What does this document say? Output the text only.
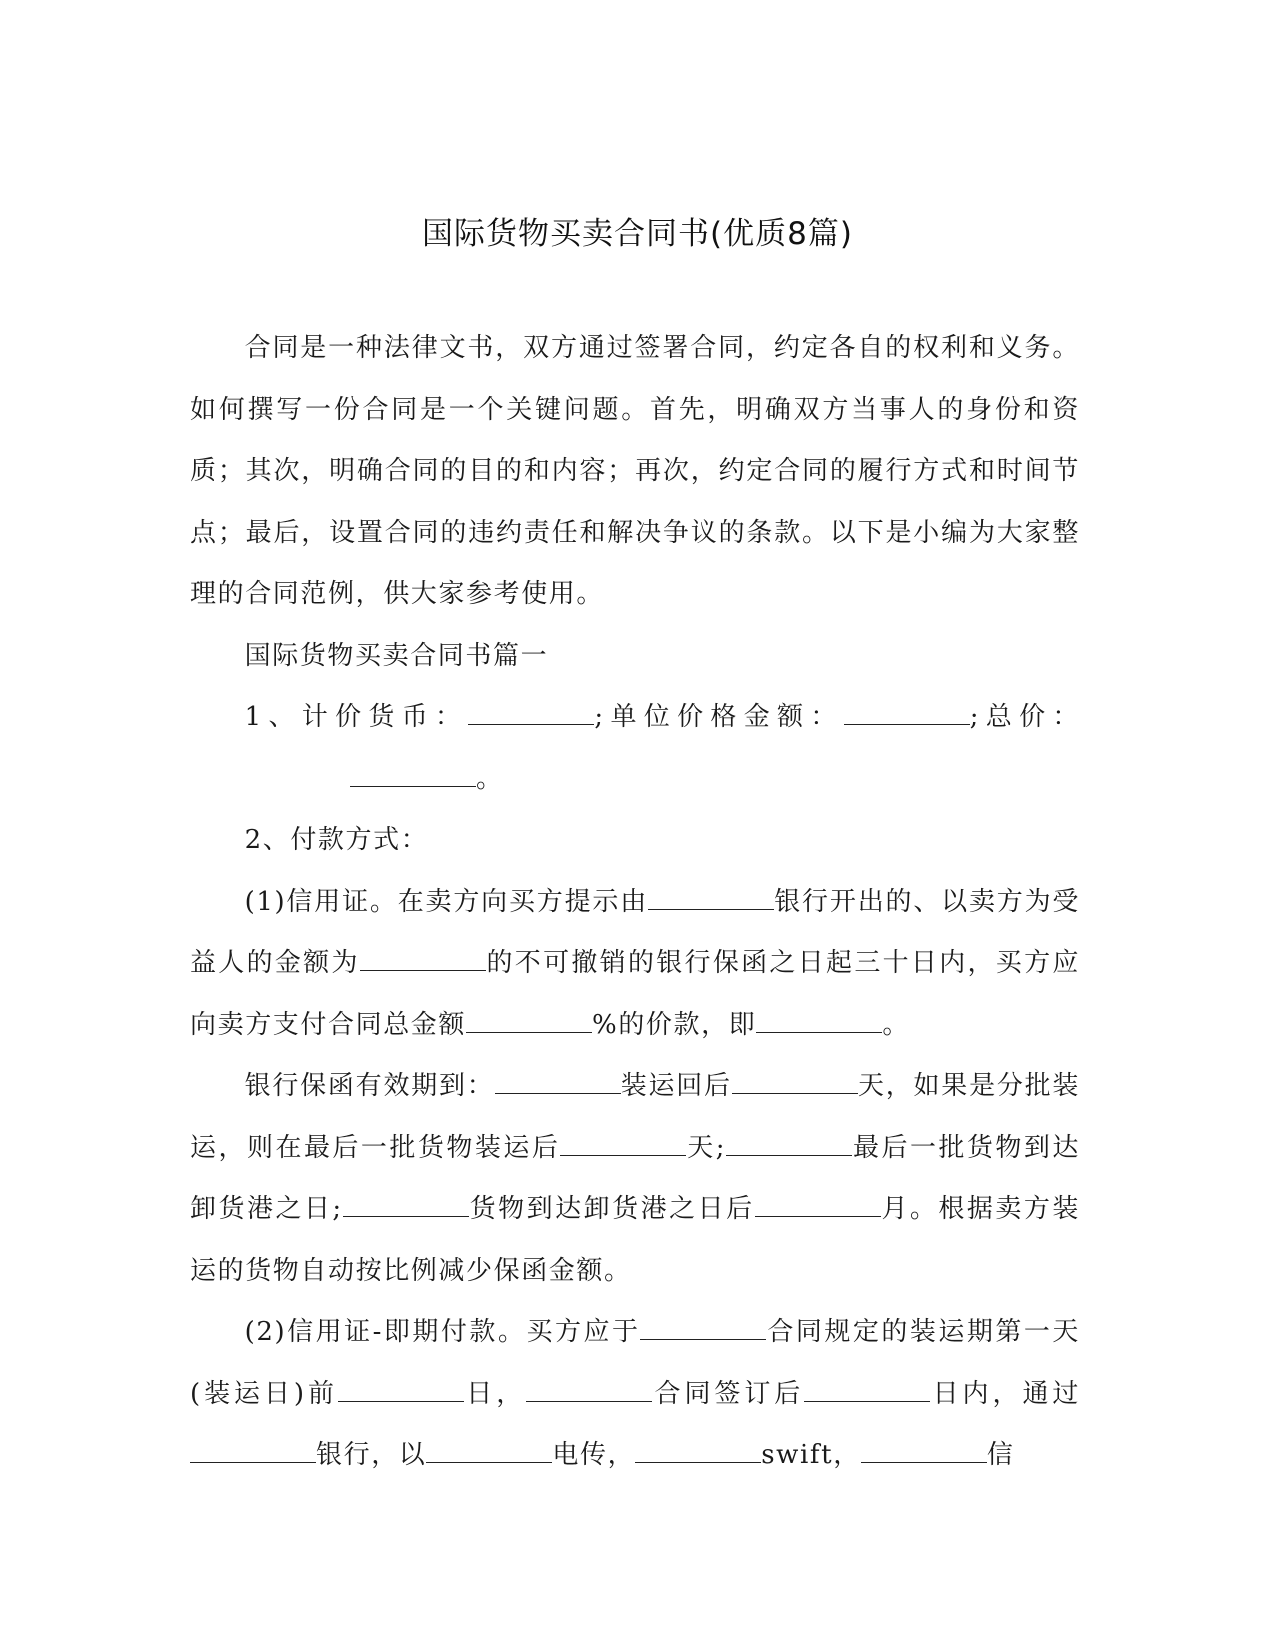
国际货物买卖合同书(优质8篇)

合同是一种法律文书，双方通过签署合同，约定各自的权利和义务。如何撰写一份合同是一个关键问题。首先，明确双方当事人的身份和资质；其次，明确合同的目的和内容；再次，约定合同的履行方式和时间节点；最后，设置合同的违约责任和解决争议的条款。以下是小编为大家整理的合同范例，供大家参考使用。

国际货物买卖合同书篇一

1、计价货币：	;单位价格金额：	;总价：。

2、付款方式：

(1)信用证。在卖方向买方提示由	银行开出的、以卖方为受益人的金额为	的不可撤销的银行保函之日起三十日内，买方应向卖方支付合同总金额	%的价款，即	。

银行保函有效期到：	装运回后	天，如果是分批装运，则在最后一批货物装运后	天;	最后一批货物到达卸货港之日;	货物到达卸货港之日后	月。根据卖方装运的货物自动按比例减少保函金额。

(2)信用证-即期付款。买方应于	合同规定的装运期第一天(装运日)前	日，	合同签订后	日内，通过银行，以	电传，	swift，	信
